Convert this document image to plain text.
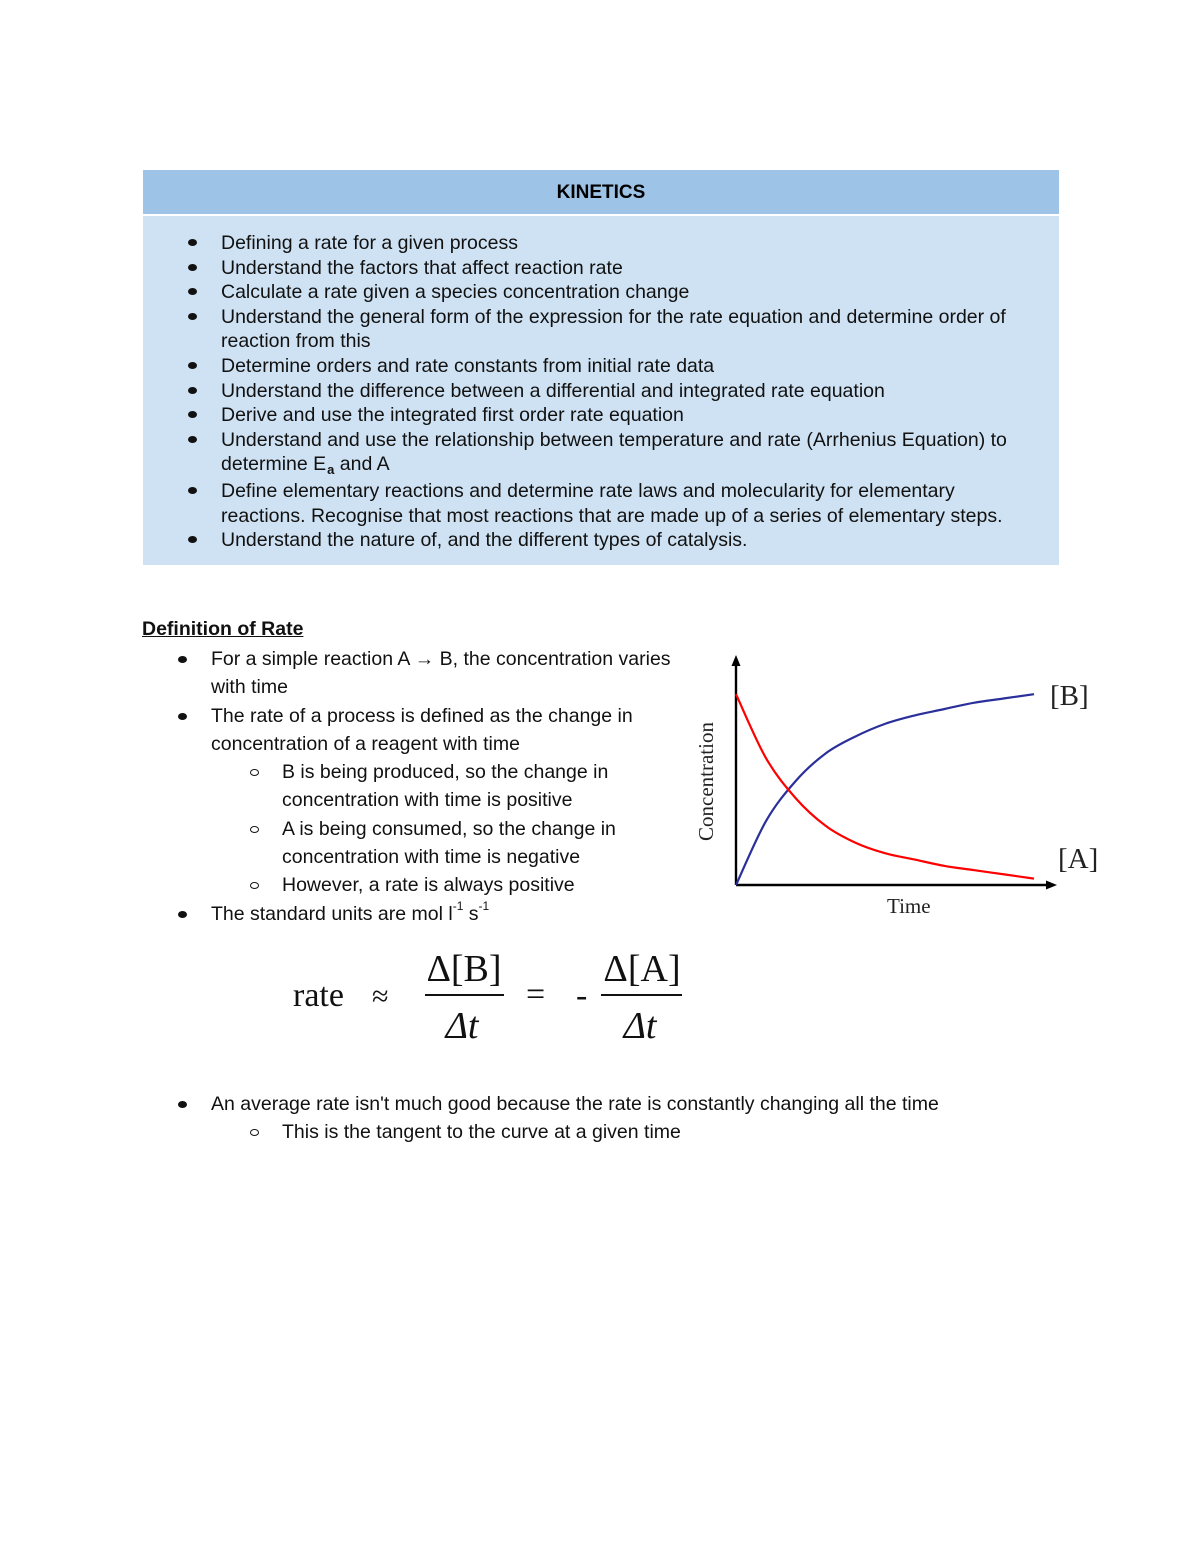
KINETICS
Defining a rate for a given process
Understand the factors that affect reaction rate
Calculate a rate given a species concentration change
Understand the general form of the expression for the rate equation and determine order of reaction from this
Determine orders and rate constants from initial rate data
Understand the difference between a differential and integrated rate equation
Derive and use the integrated first order rate equation
Understand and use the relationship between temperature and rate (Arrhenius Equation) to determine $E_a$ and A
Define elementary reactions and determine rate laws and molecularity for elementary reactions. Recognise that most reactions that are made up of a series of elementary steps.
Understand the nature of, and the different types of catalysis.
Definition of Rate
For a simple reaction A → B, the concentration varies with time
The rate of a process is defined as the change in concentration of a reagent with time
B is being produced, so the change in concentration with time is positive
A is being consumed, so the change in concentration with time is negative
However, a rate is always positive
The standard units are mol $l^{-1}$ $s^{-1}$	Time
Concentration
[B]
[A]
rate ≈
Δ[B]
Δt
= -
Δ[A]
Δt
An average rate isn't much good because the rate is constantly changing all the time
This is the tangent to the curve at a given time
